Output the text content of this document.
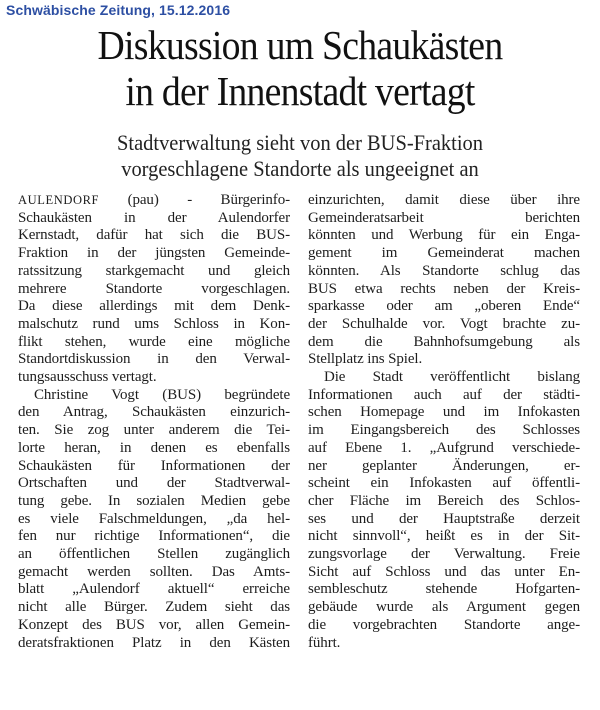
Schwäbische Zeitung, 15.12.2016
Diskussion um Schaukästen
in der Innenstadt vertagt
Stadtverwaltung sieht von der BUS-Fraktion
vorgeschlagene Standorte als ungeeignet an
AULENDORF (pau) - Bürgerinfo-
Schaukästen in der Aulendorfer
Kernstadt, dafür hat sich die BUS-
Fraktion in der jüngsten Gemeinde-
ratssitzung starkgemacht und gleich
mehrere Standorte vorgeschlagen.
Da diese allerdings mit dem Denk-
malschutz rund ums Schloss in Kon-
flikt stehen, wurde eine mögliche
Standortdiskussion in den Verwal-
tungsausschuss vertagt.
Christine Vogt (BUS) begründete
den Antrag, Schaukästen einzurich-
ten. Sie zog unter anderem die Tei-
lorte heran, in denen es ebenfalls
Schaukästen für Informationen der
Ortschaften und der Stadtverwal-
tung gebe. In sozialen Medien gebe
es viele Falschmeldungen, „da hel-
fen nur richtige Informationen“, die
an öffentlichen Stellen zugänglich
gemacht werden sollten. Das Amts-
blatt „Aulendorf aktuell“ erreiche
nicht alle Bürger. Zudem sieht das
Konzept des BUS vor, allen Gemein-
deratsfraktionen Platz in den Kästen
einzurichten, damit diese über ihre
Gemeinderatsarbeit berichten
könnten und Werbung für ein Enga-
gement im Gemeinderat machen
könnten. Als Standorte schlug das
BUS etwa rechts neben der Kreis-
sparkasse oder am „oberen Ende“
der Schulhalde vor. Vogt brachte zu-
dem die Bahnhofsumgebung als
Stellplatz ins Spiel.
Die Stadt veröffentlicht bislang
Informationen auch auf der städti-
schen Homepage und im Infokasten
im Eingangsbereich des Schlosses
auf Ebene 1. „Aufgrund verschiede-
ner geplanter Änderungen, er-
scheint ein Infokasten auf öffentli-
cher Fläche im Bereich des Schlos-
ses und der Hauptstraße derzeit
nicht sinnvoll“, heißt es in der Sit-
zungsvorlage der Verwaltung. Freie
Sicht auf Schloss und das unter En-
sembleschutz stehende Hofgarten-
gebäude wurde als Argument gegen
die vorgebrachten Standorte ange-
führt.
